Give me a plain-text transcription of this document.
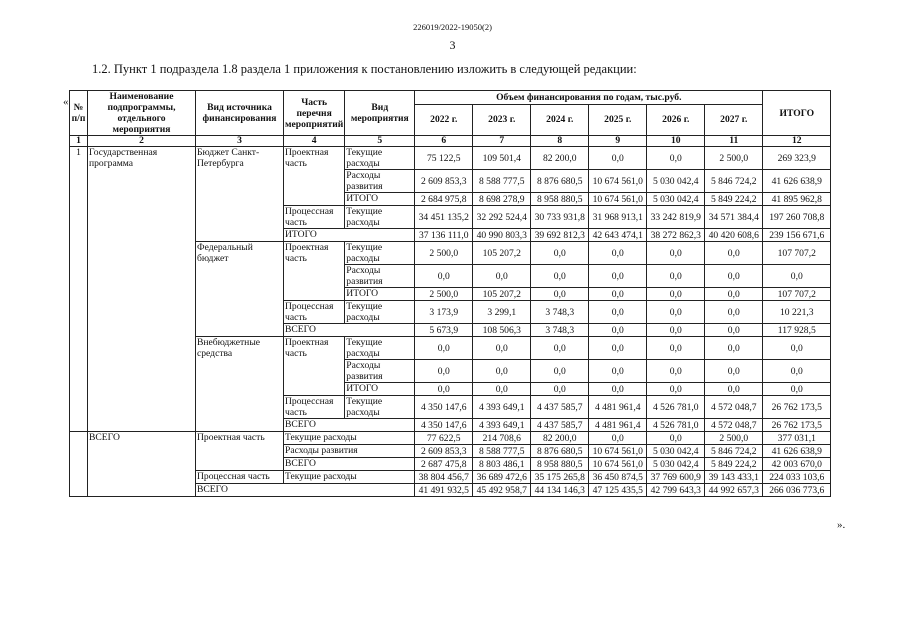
226019/2022-19050(2)
3
1.2. Пункт 1 подраздела 1.8 раздела 1 приложения к постановлению изложить в следующей редакции:
« № п/п	Наименование подпрограммы, отдельного мероприятия	Вид источника финансирования	Часть перечня мероприятий	Вид мероприятия	Объем финансирования по годам, тыс.руб.						ИТОГО
					2022 г.	2023 г.	2024 г.	2025 г.	2026 г.	2027 г.	
1	2	3	4	5	6	7	8	9	10	11	12
1	Государственная программа	Бюджет Санкт-Петербурга	Проектная часть	Текущие расходы	75 122,5	109 501,4	82 200,0	0,0	0,0	2 500,0	269 323,9
				Расходы развития	2 609 853,3	8 588 777,5	8 876 680,5	10 674 561,0	5 030 042,4	5 846 724,2	41 626 638,9
				ИТОГО	2 684 975,8	8 698 278,9	8 958 880,5	10 674 561,0	5 030 042,4	5 849 224,2	41 895 962,8
			Процессная часть	Текущие расходы	34 451 135,2	32 292 524,4	30 733 931,8	31 968 913,1	33 242 819,9	34 571 384,4	197 260 708,8
			ИТОГО		37 136 111,0	40 990 803,3	39 692 812,3	42 643 474,1	38 272 862,3	40 420 608,6	239 156 671,6
		Федеральный бюджет	Проектная часть	Текущие расходы	2 500,0	105 207,2	0,0	0,0	0,0	0,0	107 707,2
				Расходы развития	0,0	0,0	0,0	0,0	0,0	0,0	0,0
				ИТОГО	2 500,0	105 207,2	0,0	0,0	0,0	0,0	107 707,2
			Процессная часть	Текущие расходы	3 173,9	3 299,1	3 748,3	0,0	0,0	0,0	10 221,3
			ВСЕГО		5 673,9	108 506,3	3 748,3	0,0	0,0	0,0	117 928,5
		Внебюджетные средства	Проектная часть	Текущие расходы	0,0	0,0	0,0	0,0	0,0	0,0	0,0
				Расходы развития	0,0	0,0	0,0	0,0	0,0	0,0	0,0
				ИТОГО	0,0	0,0	0,0	0,0	0,0	0,0	0,0
			Процессная часть	Текущие расходы	4 350 147,6	4 393 649,1	4 437 585,7	4 481 961,4	4 526 781,0	4 572 048,7	26 762 173,5
			ВСЕГО		4 350 147,6	4 393 649,1	4 437 585,7	4 481 961,4	4 526 781,0	4 572 048,7	26 762 173,5
	ВСЕГО	Проектная часть	Текущие расходы		77 622,5	214 708,6	82 200,0	0,0	0,0	2 500,0	377 031,1
			Расходы развития		2 609 853,3	8 588 777,5	8 876 680,5	10 674 561,0	5 030 042,4	5 846 724,2	41 626 638,9
			ВСЕГО		2 687 475,8	8 803 486,1	8 958 880,5	10 674 561,0	5 030 042,4	5 849 224,2	42 003 670,0
		Процессная часть	Текущие расходы		38 804 456,7	36 689 472,6	35 175 265,8	36 450 874,5	37 769 600,9	39 143 433,1	224 033 103,6
		ВСЕГО			41 491 932,5	45 492 958,7	44 134 146,3	47 125 435,5	42 799 643,3	44 992 657,3	266 036 773,6
».
